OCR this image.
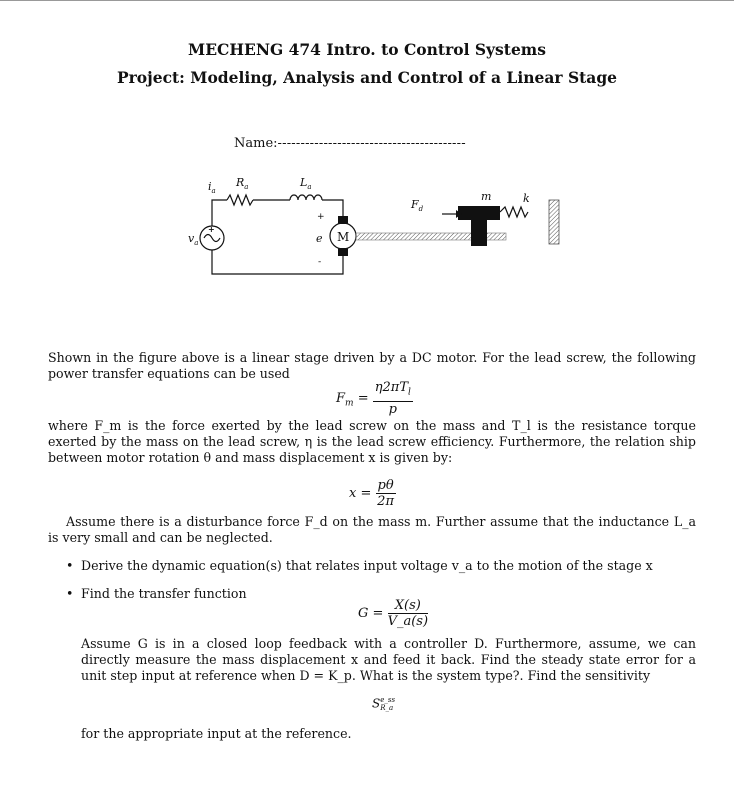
MECHENG 474 Intro. to Control Systems
Project: Modeling, Analysis and Control of a Linear Stage
Name:-----------------------------------------
$i_a$
$R_a$	$L_a$
$v_a$	e
$F_d$
m	k
+
+
-
M
Shown in the figure above is a linear stage driven by a DC motor. For the lead screw, the following power transfer equations can be used
$F_m = \frac{\eta 2\pi T_l}{p}$
where F_m is the force exerted by the lead screw on the mass and T_l is the resistance torque exerted by the mass on the lead screw, η is the lead screw efficiency. Furthermore, the relation ship between motor rotation θ and mass displacement x is given by:
$x = \frac{p\theta}{2\pi}$
Assume there is a disturbance force F_d on the mass m. Further assume that the inductance L_a is very small and can be neglected.
• Derive the dynamic equation(s) that relates input voltage v_a to the motion of the stage x
• Find the transfer function
$G = \frac{X(s)}{V\_a(s)}$
Assume G is in a closed loop feedback with a controller D. Furthermore, assume, we can directly measure the mass displacement x and feed it back. Find the steady state error for a unit step input at reference when D = K_p. What is the system type?. Find the sensitivity
S e_ss
R_a
for the appropriate input at the reference.
